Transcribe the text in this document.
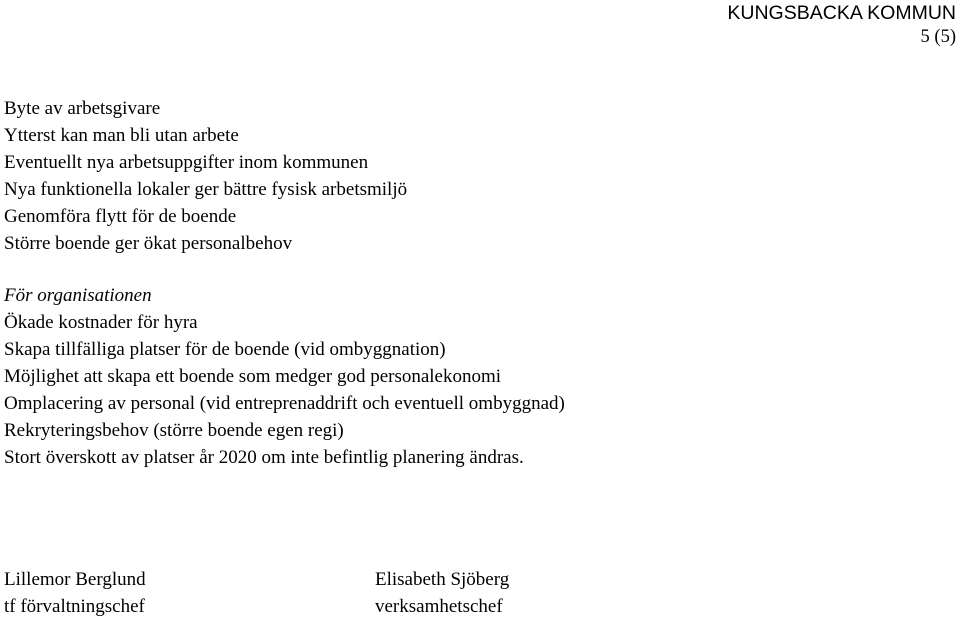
KUNGSBACKA KOMMUN
5 (5)
Byte av arbetsgivare
Ytterst kan man bli utan arbete
Eventuellt nya arbetsuppgifter inom kommunen
Nya funktionella lokaler ger bättre fysisk arbetsmiljö
Genomföra flytt för de boende
Större boende ger ökat personalbehov
För organisationen
Ökade kostnader för hyra
Skapa tillfälliga platser för de boende (vid ombyggnation)
Möjlighet att skapa ett boende som medger god personalekonomi
Omplacering av personal (vid entreprenaddrift och eventuell ombyggnad)
Rekryteringsbehov (större boende egen regi)
Stort överskott av platser år 2020 om inte befintlig planering ändras.
Lillemor Berglund
tf förvaltningschef
Elisabeth Sjöberg
verksamhetschef
